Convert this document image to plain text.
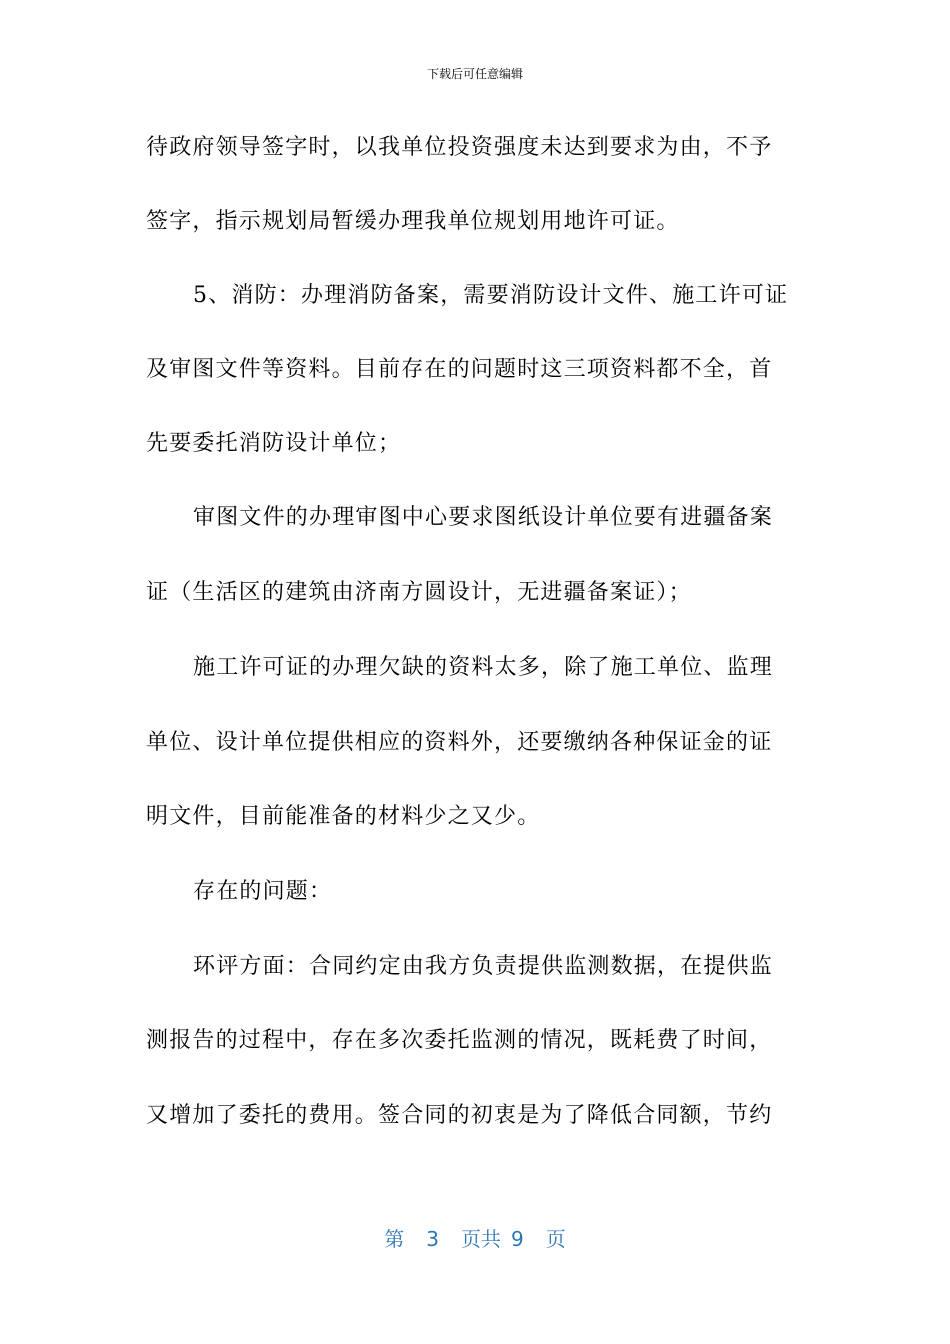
下载后可任意编辑
待政府领导签字时，以我单位投资强度未达到要求为由，不予
签字，指示规划局暂缓办理我单位规划用地许可证。
5、消防：办理消防备案，需要消防设计文件、施工许可证
及审图文件等资料。目前存在的问题时这三项资料都不全，首
先要委托消防设计单位；
审图文件的办理审图中心要求图纸设计单位要有进疆备案
证（生活区的建筑由济南方圆设计，无进疆备案证）；
施工许可证的办理欠缺的资料太多，除了施工单位、监理
单位、设计单位提供相应的资料外，还要缴纳各种保证金的证
明文件，目前能准备的材料少之又少。
存在的问题：
环评方面：合同约定由我方负责提供监测数据，在提供监
测报告的过程中，存在多次委托监测的情况，既耗费了时间，
又增加了委托的费用。签合同的初衷是为了降低合同额，节约
第 3 页共 9 页
